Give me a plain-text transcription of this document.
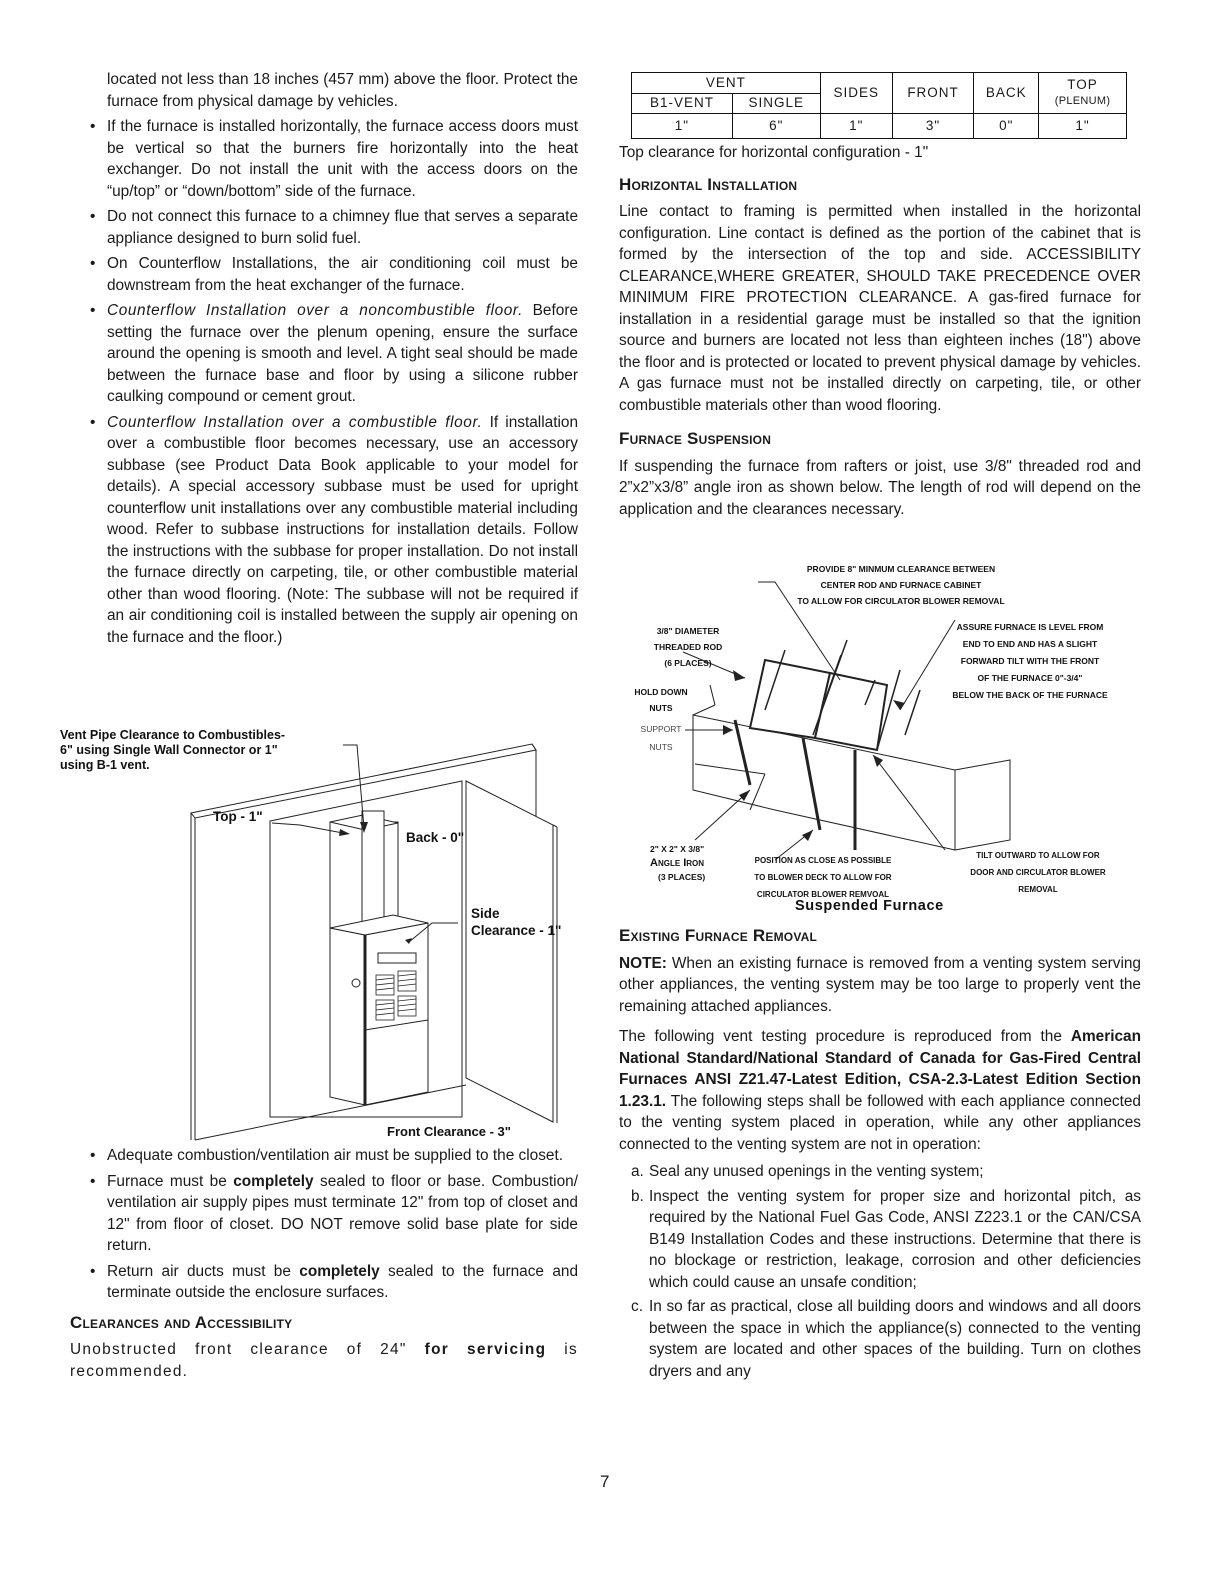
located not less than 18 inches (457 mm) above the floor. Protect the furnace from physical damage by vehicles.

• If the furnace is installed horizontally, the furnace access doors must be vertical so that the burners fire horizontally into the heat exchanger. Do not install the unit with the access doors on the “up/top” or “down/bottom” side of the furnace.

• Do not connect this furnace to a chimney flue that serves a separate appliance designed to burn solid fuel.

• On Counterflow Installations, the air conditioning coil must be downstream from the heat exchanger of the furnace.

• Counterflow Installation over a noncombustible floor. Before setting the furnace over the plenum opening, ensure the surface around the opening is smooth and level. A tight seal should be made between the furnace base and floor by using a silicone rubber caulking compound or cement grout.

• Counterflow Installation over a combustible floor. If installation over a combustible floor becomes necessary, use an accessory subbase (see Product Data Book applicable to your model for details). A special accessory subbase must be used for upright counterflow unit installations over any combustible material including wood. Refer to subbase instructions for installation details. Follow the instructions with the subbase for proper installation. Do not install the furnace directly on carpeting, tile, or other combustible material other than wood flooring. (Note: The subbase will not be required if an air conditioning coil is installed between the supply air opening on the furnace and the floor.)

Vent Pipe Clearance to Combustibles-
6" using Single Wall Connector or 1"
using B-1 vent.
Top - 1"
Back - 0"
Side
Clearance - 1"
Front Clearance - 3"

• Adequate combustion/ventilation air must be supplied to the closet.

• Furnace must be completely sealed to floor or base. Combustion/ ventilation air supply pipes must terminate 12" from top of closet and 12" from floor of closet. DO NOT remove solid base plate for side return.

• Return air ducts must be completely sealed to the furnace and terminate outside the enclosure surfaces.

Clearances and Accessibility

Unobstructed front clearance of 24" for servicing is recommended.

VENT		SIDES	FRONT	BACK	TOP
(PLENUM)

B1-VENT	SINGLE				
1"	6"	1"	3"	0"	1"

Top clearance for horizontal configuration - 1"

Horizontal Installation

Line contact to framing is permitted when installed in the horizontal configuration. Line contact is defined as the portion of the cabinet that is formed by the intersection of the top and side. ACCESSIBILITY CLEARANCE,WHERE GREATER, SHOULD TAKE PRECEDENCE OVER MINIMUM FIRE PROTECTION CLEARANCE. A gas-fired furnace for installation in a residential garage must be installed so that the ignition source and burners are located not less than eighteen inches (18") above the floor and is protected or located to prevent physical damage by vehicles. A gas furnace must not be installed directly on carpeting, tile, or other combustible materials other than wood flooring.

Furnace Suspension

If suspending the furnace from rafters or joist, use 3/8" threaded rod and 2”x2”x3/8” angle iron as shown below. The length of rod will depend on the application and the clearances necessary.

PROVIDE 8" MINMUM CLEARANCE BETWEEN
CENTER ROD AND FURNACE CABINET
TO ALLOW FOR CIRCULATOR BLOWER REMOVAL
3/8" DIAMETER
THREADED ROD
(6 PLACES)
ASSURE FURNACE IS LEVEL FROM
END TO END AND HAS A SLIGHT
FORWARD TILT WITH THE FRONT
OF THE FURNACE 0"-3/4"
BELOW THE BACK OF THE FURNACE
HOLD DOWN
NUTS
SUPPORT
NUTS
2" X 2" X 3/8"
Angle Iron
(3 PLACES)
POSITION AS CLOSE AS POSSIBLE
TO BLOWER DECK TO ALLOW FOR
CIRCULATOR BLOWER REMVOAL
TILT OUTWARD TO ALLOW FOR
DOOR AND CIRCULATOR BLOWER
REMOVAL
Suspended Furnace
Existing Furnace Removal

NOTE: When an existing furnace is removed from a venting system serving other appliances, the venting system may be too large to properly vent the remaining attached appliances.

The following vent testing procedure is reproduced from the American National Standard/National Standard of Canada for Gas-Fired Central Furnaces ANSI Z21.47-Latest Edition, CSA-2.3-Latest Edition Section 1.23.1. The following steps shall be followed with each appliance connected to the venting system placed in operation, while any other appliances connected to the venting system are not in operation:

a. Seal any unused openings in the venting system;

b. Inspect the venting system for proper size and horizontal pitch, as required by the National Fuel Gas Code, ANSI Z223.1 or the CAN/CSA B149 Installation Codes and these instructions. Determine that there is no blockage or restriction, leakage, corrosion and other deficiencies which could cause an unsafe condition;

c. In so far as practical, close all building doors and windows and all doors between the space in which the appliance(s) connected to the venting system are located and other spaces of the building. Turn on clothes dryers and any

7
